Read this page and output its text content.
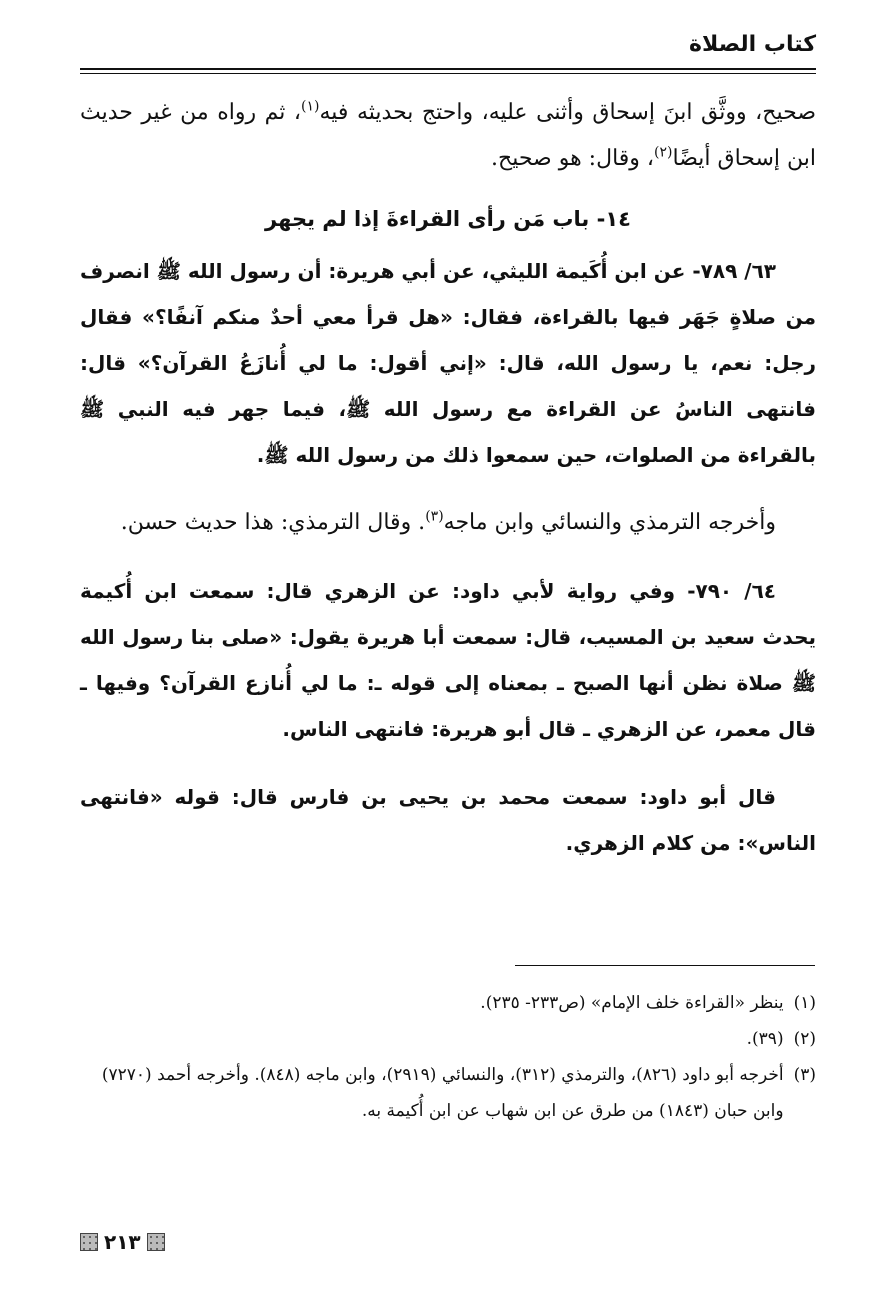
كتاب الصلاة

صحيح، ووثَّق ابنَ إسحاق وأثنى عليه، واحتج بحديثه فيه$^{(١)}$، ثم رواه من غير حديث ابن إسحاق أيضًا$^{(٢)}$، وقال: هو صحيح.

١٤- باب مَن رأى القراءةَ إذا لم يجهر

٦٣/ ٧٨٩- عن ابن أُكَيمة الليثي، عن أبي هريرة: أن رسول الله ﷺ انصرف من صلاةٍ جَهَر فيها بالقراءة، فقال: «هل قرأ معي أحدٌ منكم آنفًا؟» فقال رجل: نعم، يا رسول الله، قال: «إني أقول: ما لي أُنازَعُ القرآن؟» قال: فانتهى الناسُ عن القراءة مع رسول الله ﷺ، فيما جهر فيه النبي ﷺ بالقراءة من الصلوات، حين سمعوا ذلك من رسول الله ﷺ.

وأخرجه الترمذي والنسائي وابن ماجه$^{(٣)}$. وقال الترمذي: هذا حديث حسن.

٦٤/ ٧٩٠- وفي رواية لأبي داود: عن الزهري قال: سمعت ابن أُكيمة يحدث سعيد بن المسيب، قال: سمعت أبا هريرة يقول: «صلى بنا رسول الله ﷺ صلاة نظن أنها الصبح ـ بمعناه إلى قوله ـ: ما لي أُنازع القرآن؟ وفيها ـ قال معمر، عن الزهري ـ قال أبو هريرة: فانتهى الناس.

قال أبو داود: سمعت محمد بن يحيى بن فارس قال: قوله «فانتهى الناس»: من كلام الزهري.

(١)
ينظر «القراءة خلف الإمام» (ص٢٣٣- ٢٣٥).
(٢)
(٣٩).
(٣)
أخرجه أبو داود (٨٢٦)، والترمذي (٣١٢)، والنسائي (٢٩١٩)، وابن ماجه (٨٤٨). وأخرجه أحمد (٧٢٧٠) وابن حبان (١٨٤٣) من طرق عن ابن شهاب عن ابن أُكيمة به.
٢١٣
